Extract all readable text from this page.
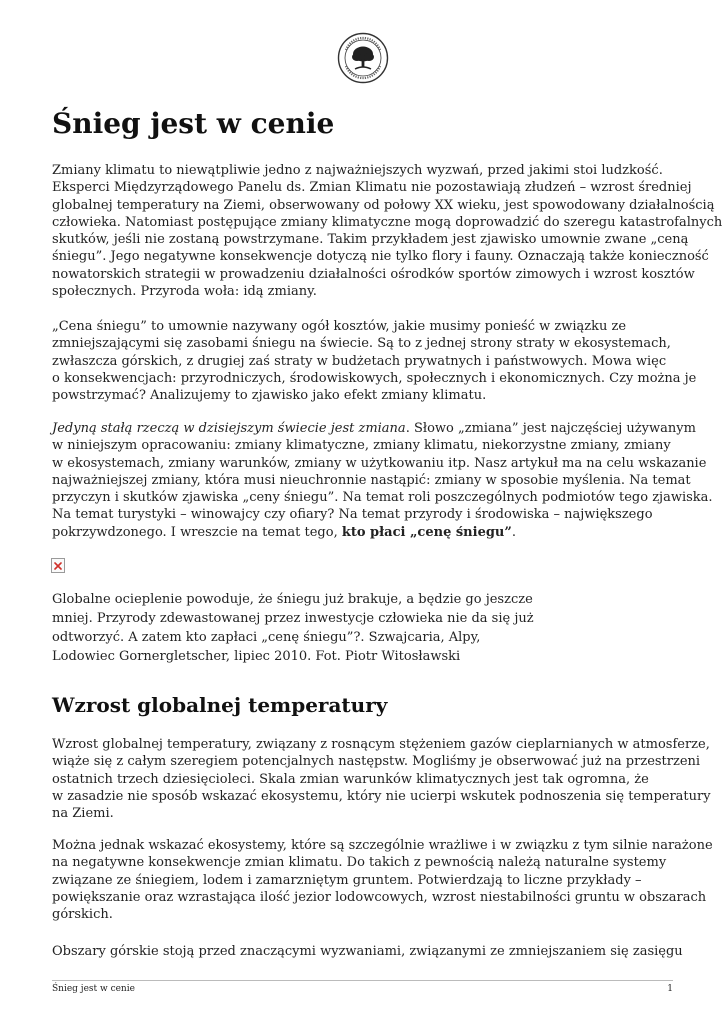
Śnieg jest w cenie

Zmiany klimatu to niewątpliwie jedno z najważniejszych wyzwań, przed jakimi stoi ludzkość.
Eksperci Międzyrządowego Panelu ds. Zmian Klimatu nie pozostawiają złudzeń – wzrost średniej
globalnej temperatury na Ziemi, obserwowany od połowy XX wieku, jest spowodowany działalnością
człowieka. Natomiast postępujące zmiany klimatyczne mogą doprowadzić do szeregu katastrofalnych
skutków, jeśli nie zostaną powstrzymane. Takim przykładem jest zjawisko umownie zwane „ceną
śniegu”. Jego negatywne konsekwencje dotyczą nie tylko flory i fauny. Oznaczają także konieczność
nowatorskich strategii w prowadzeniu działalności ośrodków sportów zimowych i wzrost kosztów
społecznych. Przyroda woła: idą zmiany.

„Cena śniegu” to umownie nazywany ogół kosztów, jakie musimy ponieść w związku ze
zmniejszającymi się zasobami śniegu na świecie. Są to z jednej strony straty w ekosystemach,
zwłaszcza górskich, z drugiej zaś straty w budżetach prywatnych i państwowych. Mowa więc
o konsekwencjach: przyrodniczych, środowiskowych, społecznych i ekonomicznych. Czy można je
powstrzymać? Analizujemy to zjawisko jako efekt zmiany klimatu.

Jedyną stałą rzeczą w dzisiejszym świecie jest zmiana. Słowo „zmiana” jest najczęściej używanym
w niniejszym opracowaniu: zmiany klimatyczne, zmiany klimatu, niekorzystne zmiany, zmiany
w ekosystemach, zmiany warunków, zmiany w użytkowaniu itp. Nasz artykuł ma na celu wskazanie
najważniejszej zmiany, która musi nieuchronnie nastąpić: zmiany w sposobie myślenia. Na temat
przyczyn i skutków zjawiska „ceny śniegu”. Na temat roli poszczególnych podmiotów tego zjawiska.
Na temat turystyki – winowajcy czy ofiary? Na temat przyrody i środowiska – największego
pokrzywdzonego. I wreszcie na temat tego, kto płaci „cenę śniegu”.

Globalne ocieplenie powoduje, że śniegu już brakuje, a będzie go jeszcze
mniej. Przyrody zdewastowanej przez inwestycje człowieka nie da się już
odtworzyć. A zatem kto zapłaci „cenę śniegu”?. Szwajcaria, Alpy,
Lodowiec Gornergletscher, lipiec 2010. Fot. Piotr Witosławski

Wzrost globalnej temperatury

Wzrost globalnej temperatury, związany z rosnącym stężeniem gazów cieplarnianych w atmosferze,
wiąże się z całym szeregiem potencjalnych następstw. Mogliśmy je obserwować już na przestrzeni
ostatnich trzech dziesięcioleci. Skala zmian warunków klimatycznych jest tak ogromna, że
w zasadzie nie sposób wskazać ekosystemu, który nie ucierpi wskutek podnoszenia się temperatury
na Ziemi.

Można jednak wskazać ekosystemy, które są szczególnie wrażliwe i w związku z tym silnie narażone
na negatywne konsekwencje zmian klimatu. Do takich z pewnością należą naturalne systemy
związane ze śniegiem, lodem i zamarzniętym gruntem. Potwierdzają to liczne przykłady –
powiększanie oraz wzrastająca ilość jezior lodowcowych, wzrost niestabilności gruntu w obszarach
górskich.

Obszary górskie stoją przed znaczącymi wyzwaniami, związanymi ze zmniejszaniem się zasięgu

Śnieg jest w cenie	1
